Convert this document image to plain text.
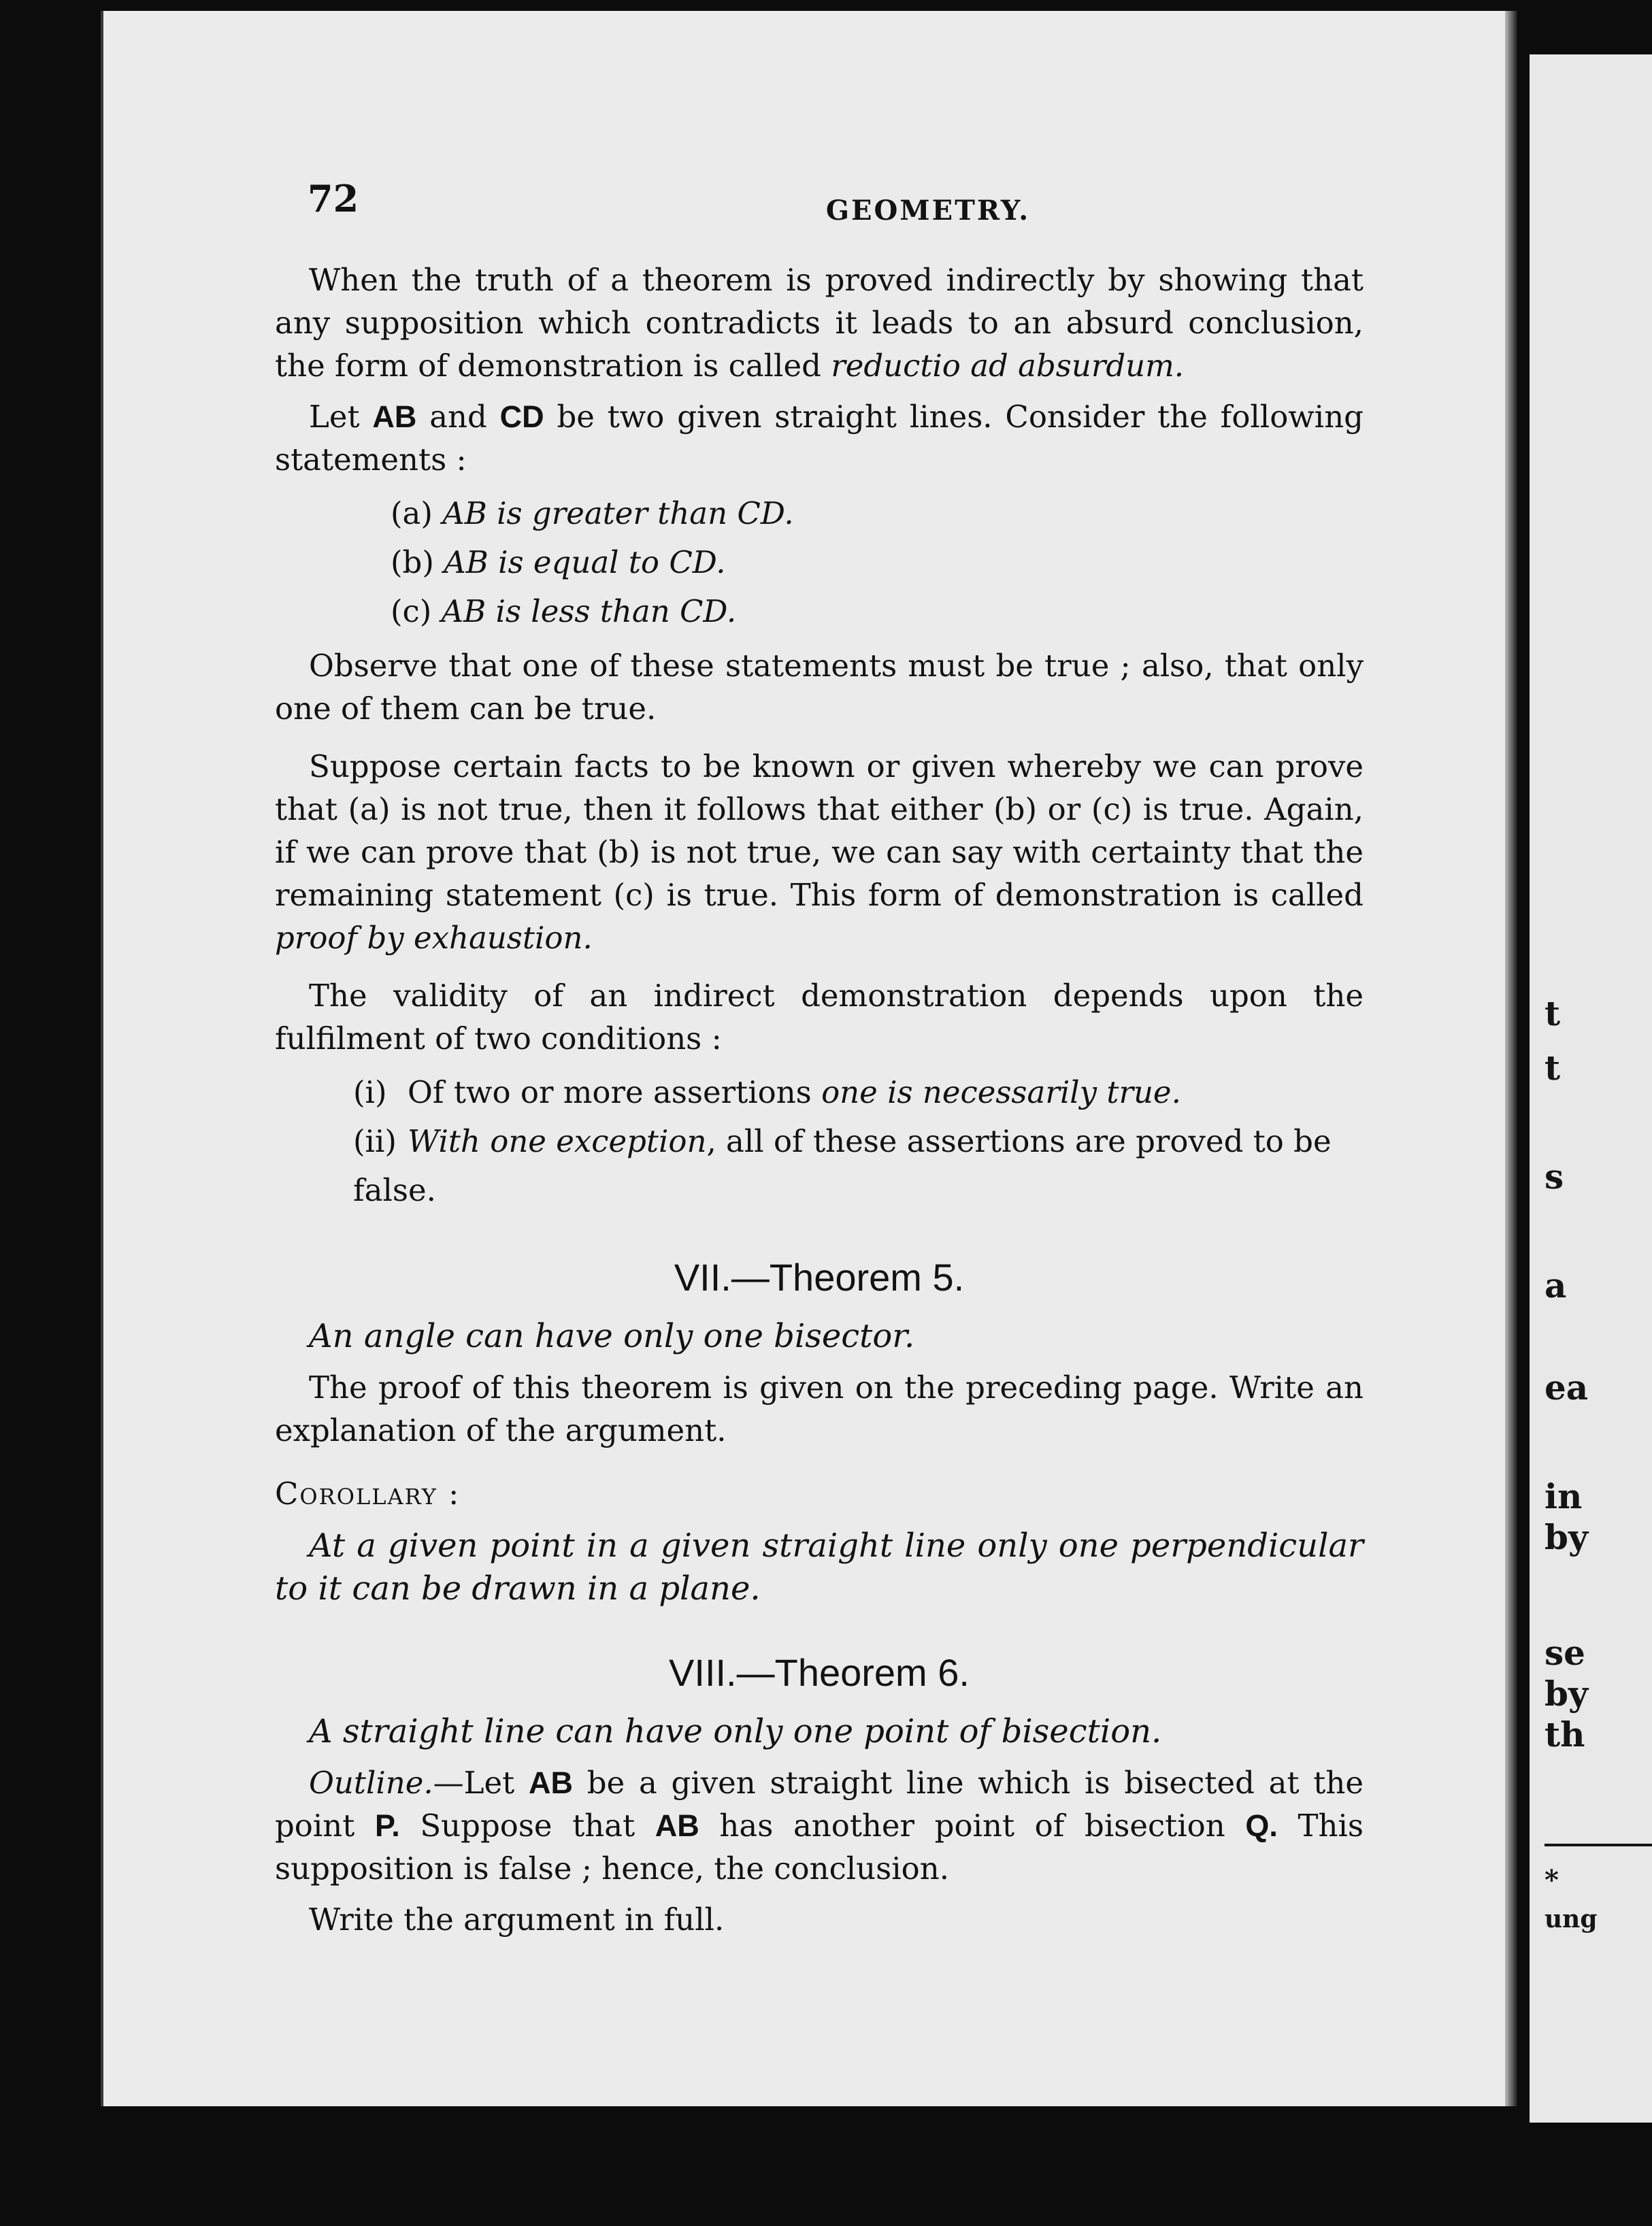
72	GEOMETRY.

When the truth of a theorem is proved indirectly by showing that any supposition which contradicts it leads to an absurd conclusion, the form of demonstration is called reductio ad absurdum.

Let AB and CD be two given straight lines. Consider the following statements :

(a) AB is greater than CD.
(b) AB is equal to CD.
(c) AB is less than CD.

Observe that one of these statements must be true ; also, that only one of them can be true.

Suppose certain facts to be known or given whereby we can prove that (a) is not true, then it follows that either (b) or (c) is true. Again, if we can prove that (b) is not true, we can say with certainty that the remaining statement (c) is true. This form of demonstration is called proof by exhaustion.

The validity of an indirect demonstration depends upon the fulfilment of two conditions :

(i) Of two or more assertions one is necessarily true.
(ii) With one exception, all of these assertions are proved to be false.
VII.—Theorem 5.

An angle can have only one bisector.

The proof of this theorem is given on the preceding page. Write an explanation of the argument.

Corollary :

At a given point in a given straight line only one perpendicular to it can be drawn in a plane.

VIII.—Theorem 6.

A straight line can have only one point of bisection.

Outline.—Let AB be a given straight line which is bisected at the point P. Suppose that AB has another point of bisection Q. This supposition is false ; hence, the conclusion.

Write the argument in full.

t
t
s
a
ea
in
by
se
by
th
*
ung
